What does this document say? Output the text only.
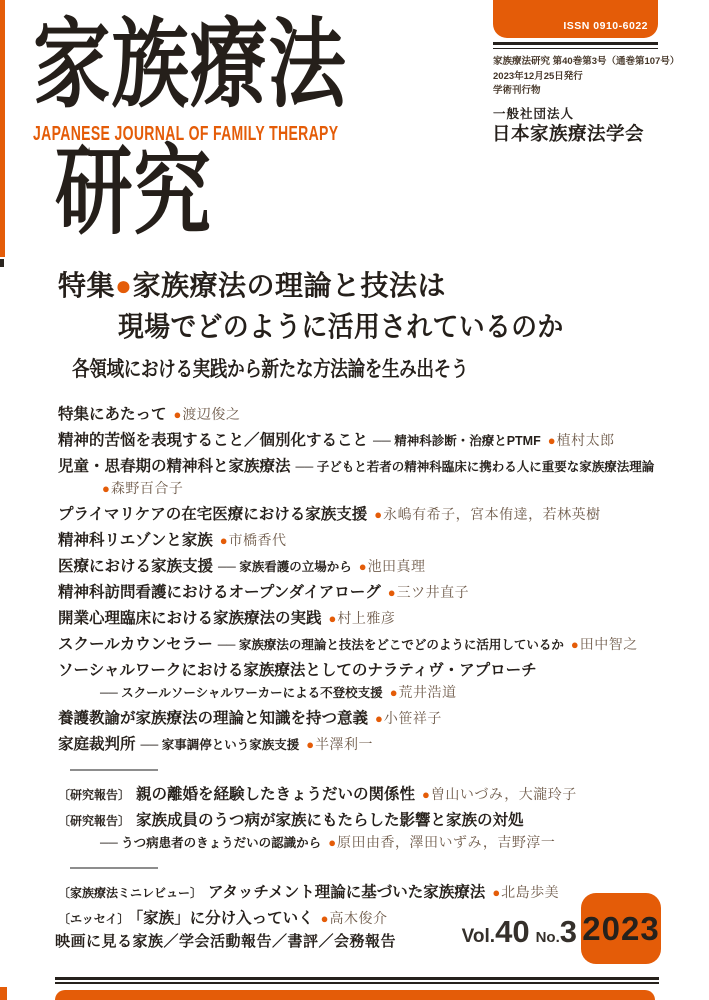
家族療法
JAPANESE JOURNAL OF FAMILY THERAPY
研究
ISSN 0910-6022
家族療法研究 第40巻第3号（通巻第107号）
2023年12月25日発行
学術刊行物
一般社団法人
日本家族療法学会
特集●家族療法の理論と技法は
現場でどのように活用されているのか
各領域における実践から新たな方法論を生み出そう
特集にあたって ●渡辺俊之
精神的苦悩を表現すること／個別化すること ── 精神科診断・治療とPTMF ●植村太郎
児童・思春期の精神科と家族療法 ── 子どもと若者の精神科臨床に携わる人に重要な家族療法理論
●森野百合子
プライマリケアの在宅医療における家族支援 ●永嶋有希子，宮本侑達，若林英樹
精神科リエゾンと家族 ●市橋香代
医療における家族支援 ── 家族看護の立場から ●池田真理
精神科訪問看護におけるオープンダイアローグ ●三ツ井直子
開業心理臨床における家族療法の実践 ●村上雅彦
スクールカウンセラー ── 家族療法の理論と技法をどこでどのように活用しているか ●田中智之
ソーシャルワークにおける家族療法としてのナラティヴ・アプローチ
── スクールソーシャルワーカーによる不登校支援 ●荒井浩道
養護教諭が家族療法の理論と知識を持つ意義 ●小笹祥子
家庭裁判所 ── 家事調停という家族支援 ●半澤利一
〔研究報告〕 親の離婚を経験したきょうだいの関係性 ●曽山いづみ，大瀧玲子
〔研究報告〕 家族成員のうつ病が家族にもたらした影響と家族の対処
── うつ病患者のきょうだいの認識から ●原田由香，澤田いずみ，吉野淳一
〔家族療法ミニレビュー〕 アタッチメント理論に基づいた家族療法 ●北島歩美
〔エッセイ〕 「家族」に分け入っていく ●高木俊介
映画に見る家族／学会活動報告／書評／会務報告	Vol. 40 No. 3 2023
